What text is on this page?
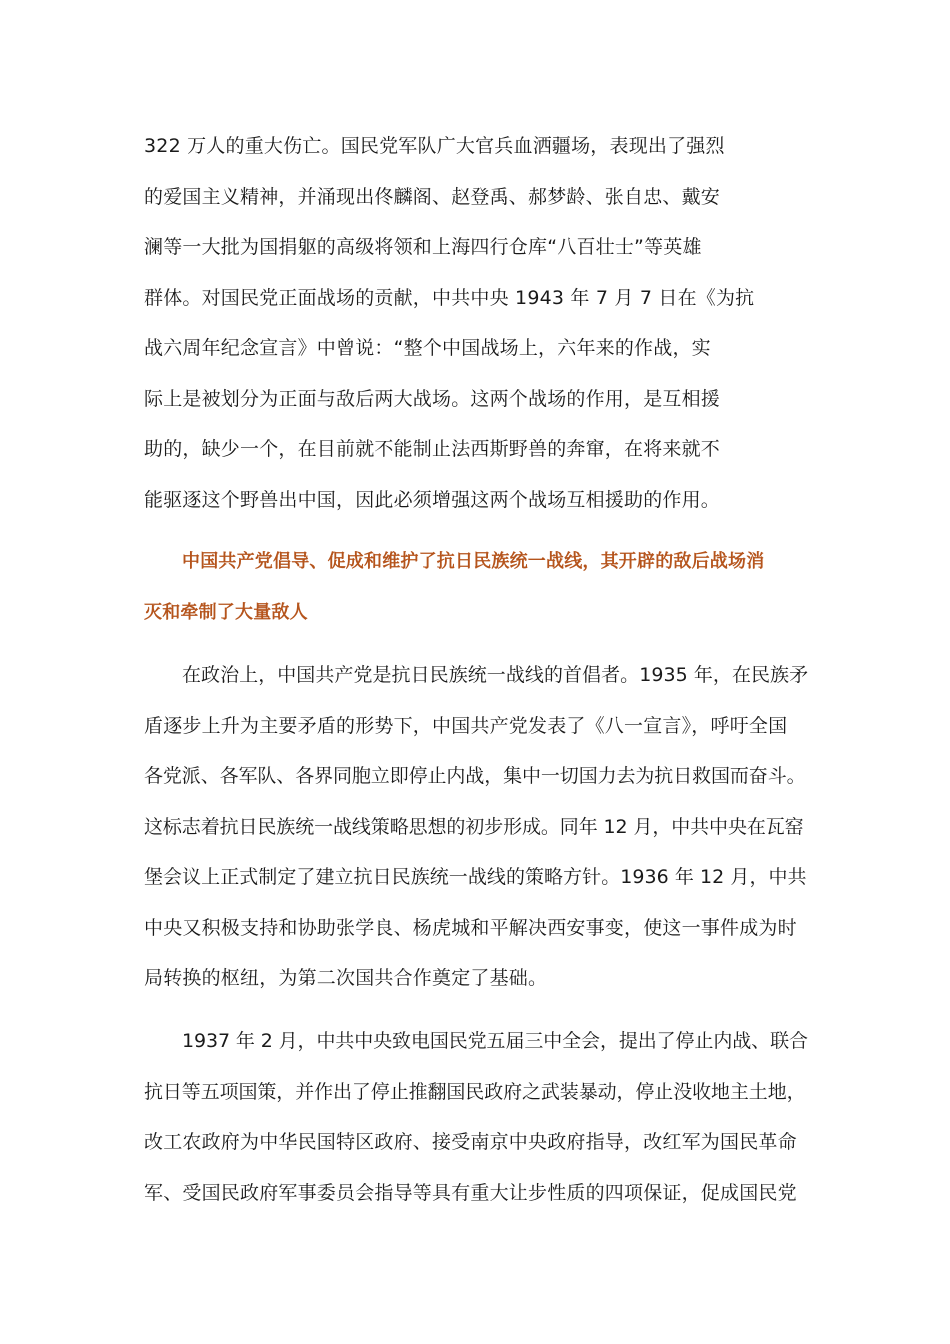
322 万人的重大伤亡。国民党军队广大官兵血洒疆场，表现出了强烈
的爱国主义精神，并涌现出佟麟阁、赵登禹、郝梦龄、张自忠、戴安
澜等一大批为国捐躯的高级将领和上海四行仓库“八百壮士”等英雄
群体。对国民党正面战场的贡献，中共中央 1943 年 7 月 7 日在《为抗
战六周年纪念宣言》中曾说：“整个中国战场上，六年来的作战，实
际上是被划分为正面与敌后两大战场。这两个战场的作用，是互相援
助的，缺少一个，在目前就不能制止法西斯野兽的奔窜，在将来就不
能驱逐这个野兽出中国，因此必须增强这两个战场互相援助的作用。
中国共产党倡导、促成和维护了抗日民族统一战线，其开辟的敌后战场消
灭和牵制了大量敌人
在政治上，中国共产党是抗日民族统一战线的首倡者。1935 年，在民族矛
盾逐步上升为主要矛盾的形势下，中国共产党发表了《八一宣言》，呼吁全国
各党派、各军队、各界同胞立即停止内战，集中一切国力去为抗日救国而奋斗。
这标志着抗日民族统一战线策略思想的初步形成。同年 12 月，中共中央在瓦窑
堡会议上正式制定了建立抗日民族统一战线的策略方针。1936 年 12 月，中共
中央又积极支持和协助张学良、杨虎城和平解决西安事变，使这一事件成为时
局转换的枢纽，为第二次国共合作奠定了基础。
1937 年 2 月，中共中央致电国民党五届三中全会，提出了停止内战、联合
抗日等五项国策，并作出了停止推翻国民政府之武装暴动，停止没收地主土地，
改工农政府为中华民国特区政府、接受南京中央政府指导，改红军为国民革命
军、受国民政府军事委员会指导等具有重大让步性质的四项保证，促成国民党
